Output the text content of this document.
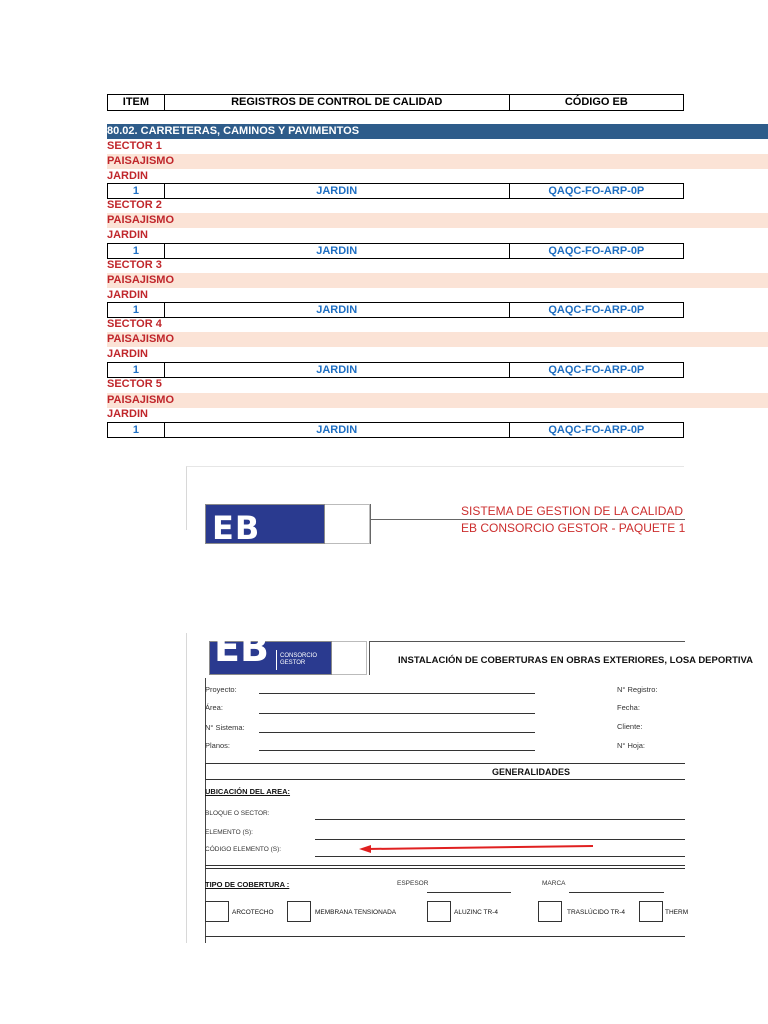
ITEM	REGISTROS DE CONTROL DE CALIDAD	CÓDIGO EB
80.02. CARRETERAS, CAMINOS Y PAVIMENTOS
SECTOR 1
PAISAJISMO
JARDIN
1	JARDIN	QAQC-FO-ARP-0P
SECTOR 2
PAISAJISMO
JARDIN
1	JARDIN	QAQC-FO-ARP-0P
SECTOR 3
PAISAJISMO
JARDIN
1	JARDIN	QAQC-FO-ARP-0P
SECTOR 4
PAISAJISMO
JARDIN
1	JARDIN	QAQC-FO-ARP-0P
SECTOR 5
PAISAJISMO
JARDIN
1	JARDIN	QAQC-FO-ARP-0P
EB	SISTEMA DE GESTION DE LA CALIDAD
EB CONSORCIO GESTOR - PAQUETE 1
EB CONSORCIO
GESTOR	INSTALACIÓN DE COBERTURAS EN OBRAS EXTERIORES, LOSA DEPORTIVA
Proyecto:
Área:
N° Sistema:
Planos:
N° Registro:
Fecha:
Cliente:
N° Hoja:
GENERALIDADES
UBICACIÓN DEL AREA:
BLOQUE O SECTOR:
ELEMENTO (S):
CÓDIGO ELEMENTO (S):
TIPO DE COBERTURA :	ESPESOR	MARCA
ARCOTECHO	MEMBRANA TENSIONADA	ALUZINC TR-4	TRASLÚCIDO TR-4	THERM
